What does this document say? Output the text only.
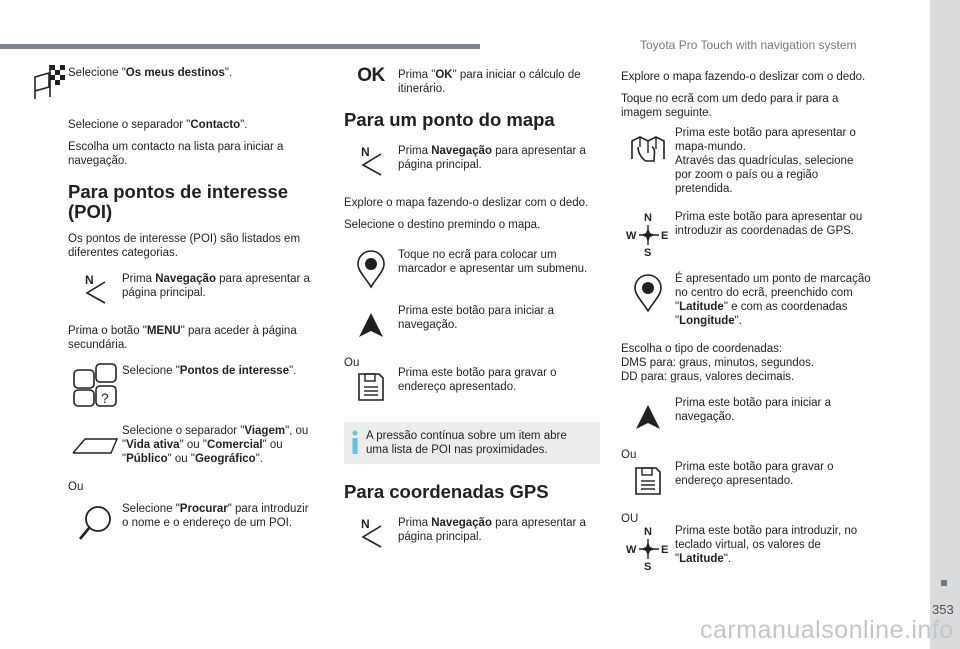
Toyota Pro Touch with navigation system
353
carmanualsonline.info
Selecione "Os meus destinos".

Selecione o separador "Contacto".

Escolha um contacto na lista para iniciar a navegação.

Para pontos de interesse (POI)

Os pontos de interesse (POI) são listados em diferentes categorias.

N Prima Navegação para apresentar a página principal.

Prima o botão "MENU" para aceder à página secundária.

?
Selecione "Pontos de interesse".
Selecione o separador "Viagem", ou "Vida ativa" ou "Comercial" ou "Público" ou "Geográfico".

Ou

Selecione "Procurar" para introduzir o nome e o endereço de um POI.
OK Prima "OK" para iniciar o cálculo de itinerário.
Para um ponto do mapa
N Prima Navegação para apresentar a página principal.

Explore o mapa fazendo-o deslizar com o dedo.

Selecione o destino premindo o mapa.

Toque no ecrã para colocar um marcador e apresentar um submenu.
Prima este botão para iniciar a navegação.

Ou

Prima este botão para gravar o endereço apresentado.
A pressão contínua sobre um item abre uma lista de POI nas proximidades.
Para coordenadas GPS
N Prima Navegação para apresentar a página principal.

Explore o mapa fazendo-o deslizar com o dedo.

Toque no ecrã com um dedo para ir para a imagem seguinte.

Prima este botão para apresentar o mapa-mundo.
Através das quadrículas, selecione por zoom o país ou a região pretendida.
N
S
W E
Prima este botão para apresentar ou introduzir as coordenadas de GPS.
É apresentado um ponto de marcação no centro do ecrã, preenchido com "Latitude" e com as coordenadas "Longitude".

Escolha o tipo de coordenadas:
DMS para: graus, minutos, segundos.
DD para: graus, valores decimais.

Prima este botão para iniciar a navegação.

Ou

Prima este botão para gravar o endereço apresentado.

OU

N
S
W E
Prima este botão para introduzir, no teclado virtual, os valores de "Latitude".
